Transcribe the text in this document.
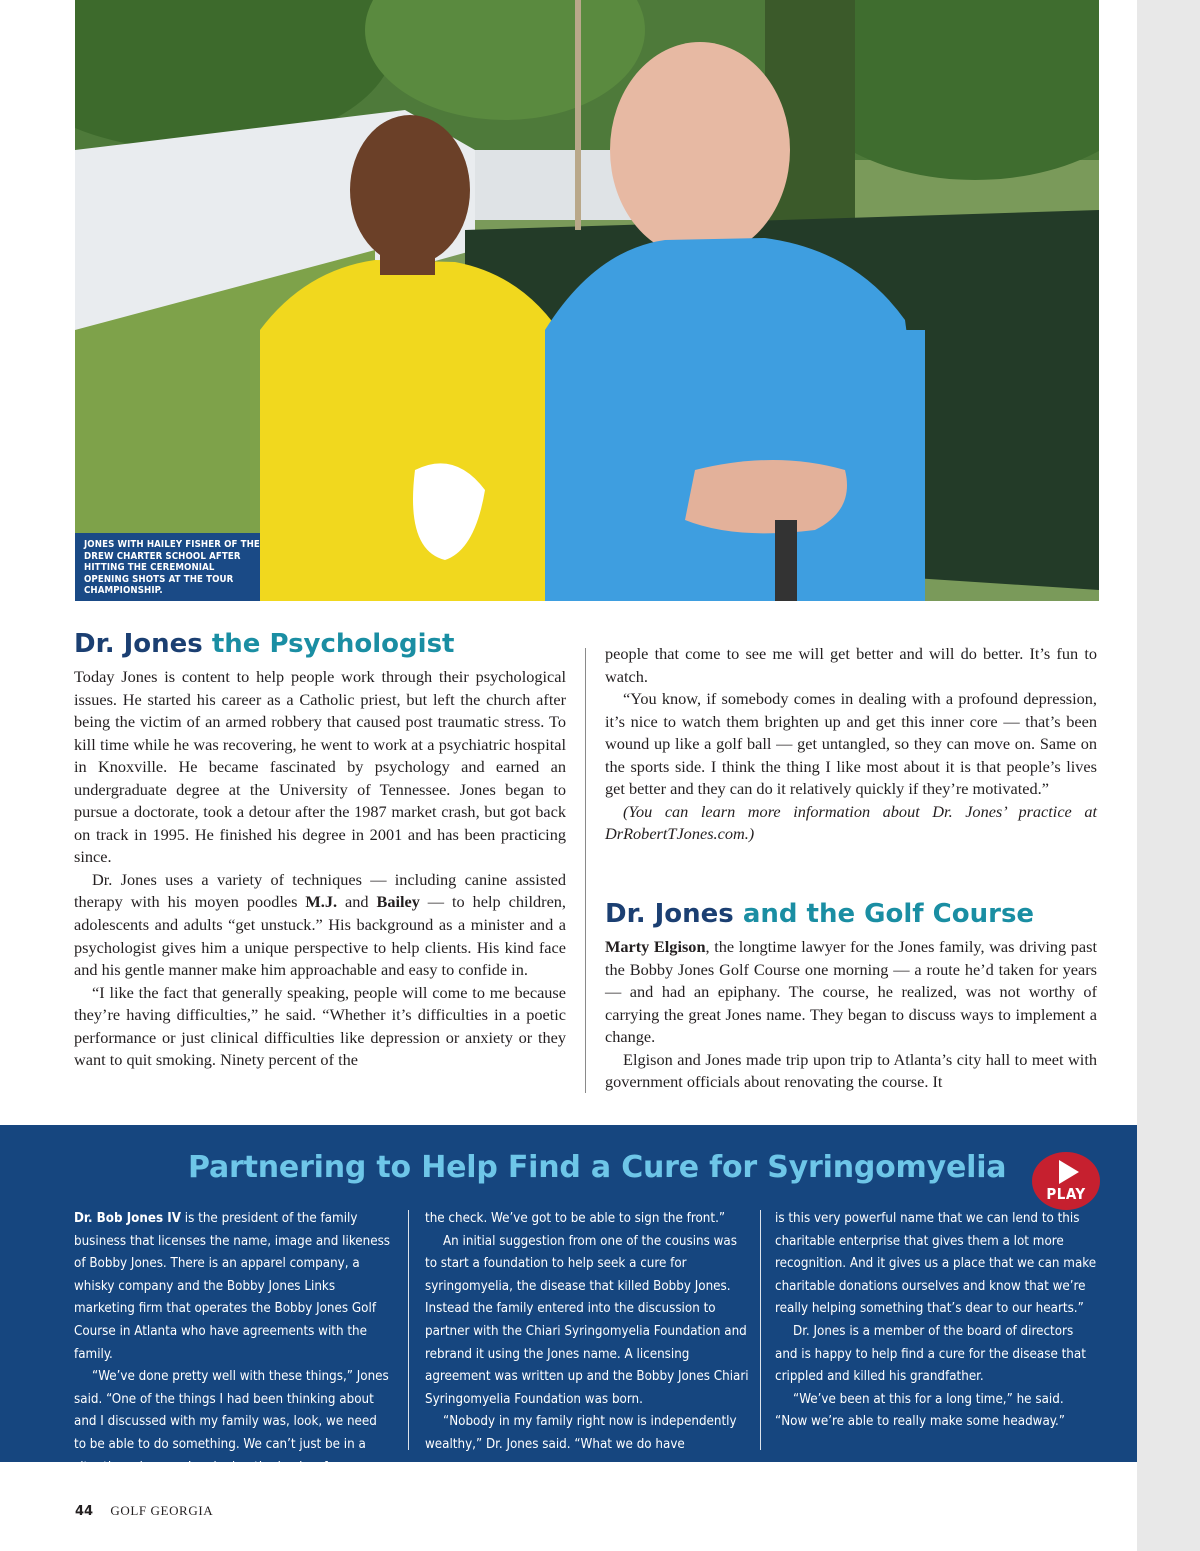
JONES WITH HAILEY FISHER OF THE DREW CHARTER SCHOOL AFTER HITTING THE CEREMONIAL OPENING SHOTS AT THE TOUR CHAMPIONSHIP.
Dr. Jones the Psychologist

Today Jones is content to help people work through their psychological issues. He started his career as a Catholic priest, but left the church after being the victim of an armed robbery that caused post traumatic stress. To kill time while he was recovering, he went to work at a psychiatric hospital in Knoxville. He became fascinated by psychology and earned an undergraduate degree at the University of Tennessee. Jones began to pursue a doctorate, took a detour after the 1987 market crash, but got back on track in 1995. He finished his degree in 2001 and has been practicing since.

Dr. Jones uses a variety of techniques — including canine assisted therapy with his moyen poodles M.J. and Bailey — to help children, adolescents and adults “get unstuck.” His background as a minister and a psychologist gives him a unique perspective to help clients. His kind face and his gentle manner make him approachable and easy to confide in.

“I like the fact that generally speaking, people will come to me because they’re having difficulties,” he said. “Whether it’s difficulties in a poetic performance or just clinical difficulties like depression or anxiety or they want to quit smoking. Ninety percent of the

people that come to see me will get better and will do better. It’s fun to watch.

“You know, if somebody comes in dealing with a profound depression, it’s nice to watch them brighten up and get this inner core — that’s been wound up like a golf ball — get untangled, so they can move on. Same on the sports side. I think the thing I like most about it is that people’s lives get better and they can do it relatively quickly if they’re motivated.”

(You can learn more information about Dr. Jones’ practice at DrRobertTJones.com.)

Dr. Jones and the Golf Course

Marty Elgison, the longtime lawyer for the Jones family, was driving past the Bobby Jones Golf Course one morning — a route he’d taken for years — and had an epiphany. The course, he realized, was not worthy of carrying the great Jones name. They began to discuss ways to implement a change.

Elgison and Jones made trip upon trip to Atlanta’s city hall to meet with government officials about renovating the course. It

Partnering to Help Find a Cure for Syringomyelia
PLAY

Dr. Bob Jones IV is the president of the family business that licenses the name, image and likeness of Bobby Jones. There is an apparel company, a whisky company and the Bobby Jones Links marketing firm that operates the Bobby Jones Golf Course in Atlanta who have agreements with the family.

“We’ve done pretty well with these things,” Jones said. “One of the things I had been thinking about and I discussed with my family was, look, we need to be able to do something. We can’t just be in a situation where we’re signing the backs of

the check. We’ve got to be able to sign the front.”

An initial suggestion from one of the cousins was to start a foundation to help seek a cure for syringomyelia, the disease that killed Bobby Jones. Instead the family entered into the discussion to partner with the Chiari Syringomyelia Foundation and rebrand it using the Jones name. A licensing agreement was written up and the Bobby Jones Chiari Syringomyelia Foundation was born.

“Nobody in my family right now is independently wealthy,” Dr. Jones said. “What we do have

is this very powerful name that we can lend to this charitable enterprise that gives them a lot more recognition. And it gives us a place that we can make charitable donations ourselves and know that we’re really helping something that’s dear to our hearts.”

Dr. Jones is a member of the board of directors and is happy to help find a cure for the disease that crippled and killed his grandfather.

“We’ve been at this for a long time,” he said. “Now we’re able to really make some headway.”

44 GOLF GEORGIA
